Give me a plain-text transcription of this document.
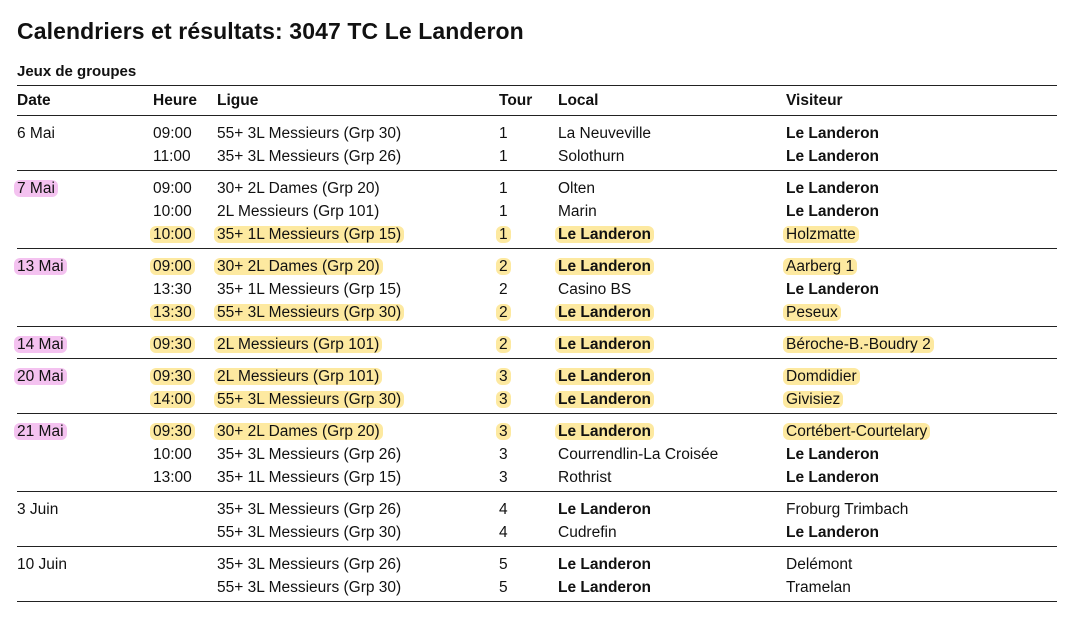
Calendriers et résultats: 3047 TC Le Landeron
Jeux de groupes
Date	Heure	Ligue	Tour	Local	Visiteur
6 Mai	09:00	55+ 3L Messieurs (Grp 30)	1	La Neuveville	Le Landeron
	11:00	35+ 3L Messieurs (Grp 26)	1	Solothurn	Le Landeron
7 Mai	09:00	30+ 2L Dames (Grp 20)	1	Olten	Le Landeron
	10:00	2L Messieurs (Grp 101)	1	Marin	Le Landeron
	10:00	35+ 1L Messieurs (Grp 15)	1	Le Landeron	Holzmatte
13 Mai	09:00	30+ 2L Dames (Grp 20)	2	Le Landeron	Aarberg 1
	13:30	35+ 1L Messieurs (Grp 15)	2	Casino BS	Le Landeron
	13:30	55+ 3L Messieurs (Grp 30)	2	Le Landeron	Peseux
14 Mai	09:30	2L Messieurs (Grp 101)	2	Le Landeron	Béroche-B.-Boudry 2
20 Mai	09:30	2L Messieurs (Grp 101)	3	Le Landeron	Domdidier
	14:00	55+ 3L Messieurs (Grp 30)	3	Le Landeron	Givisiez
21 Mai	09:30	30+ 2L Dames (Grp 20)	3	Le Landeron	Cortébert-Courtelary
	10:00	35+ 3L Messieurs (Grp 26)	3	Courrendlin-La Croisée	Le Landeron
	13:00	35+ 1L Messieurs (Grp 15)	3	Rothrist	Le Landeron
3 Juin		35+ 3L Messieurs (Grp 26)	4	Le Landeron	Froburg Trimbach
		55+ 3L Messieurs (Grp 30)	4	Cudrefin	Le Landeron
10 Juin		35+ 3L Messieurs (Grp 26)	5	Le Landeron	Delémont
		55+ 3L Messieurs (Grp 30)	5	Le Landeron	Tramelan
